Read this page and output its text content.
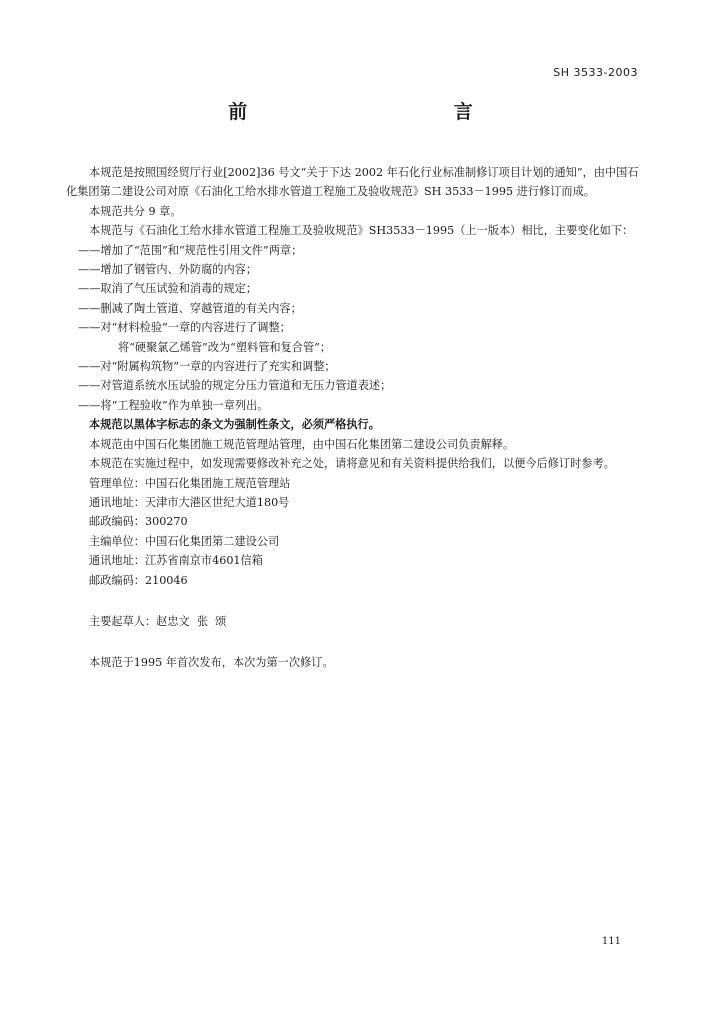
SH 3533-2003
前 言

本规范是按照国经贸厅行业[2002]36 号文“关于下达 2002 年石化行业标准制修订项目计划的通知”，由中国石化集团第二建设公司对原《石油化工给水排水管道工程施工及验收规范》SH 3533－1995 进行修订而成。

本规范共分 9 章。

本规范与《石油化工给水排水管道工程施工及验收规范》SH3533－1995（上一版本）相比，主要变化如下：

——增加了“范围”和“规范性引用文件”两章；

——增加了钢管内、外防腐的内容；

——取消了气压试验和消毒的规定；

——删减了陶土管道、穿越管道的有关内容；

——对“材料检验”一章的内容进行了调整；

将“硬聚氯乙烯管”改为“塑料管和复合管”；

——对“附属构筑物”一章的内容进行了充实和调整；

——对管道系统水压试验的规定分压力管道和无压力管道表述；

——将“工程验收”作为单独一章列出。

本规范以黑体字标志的条文为强制性条文，必须严格执行。

本规范由中国石化集团施工规范管理站管理，由中国石化集团第二建设公司负责解释。

本规范在实施过程中，如发现需要修改补充之处，请将意见和有关资料提供给我们，以便今后修订时参考。

管理单位：中国石化集团施工规范管理站

通讯地址：天津市大港区世纪大道180号

邮政编码：300270

主编单位：中国石化集团第二建设公司

通讯地址：江苏省南京市4601信箱

邮政编码：210046

主要起草人：赵忠文  张  颂

本规范于1995 年首次发布，本次为第一次修订。

111
